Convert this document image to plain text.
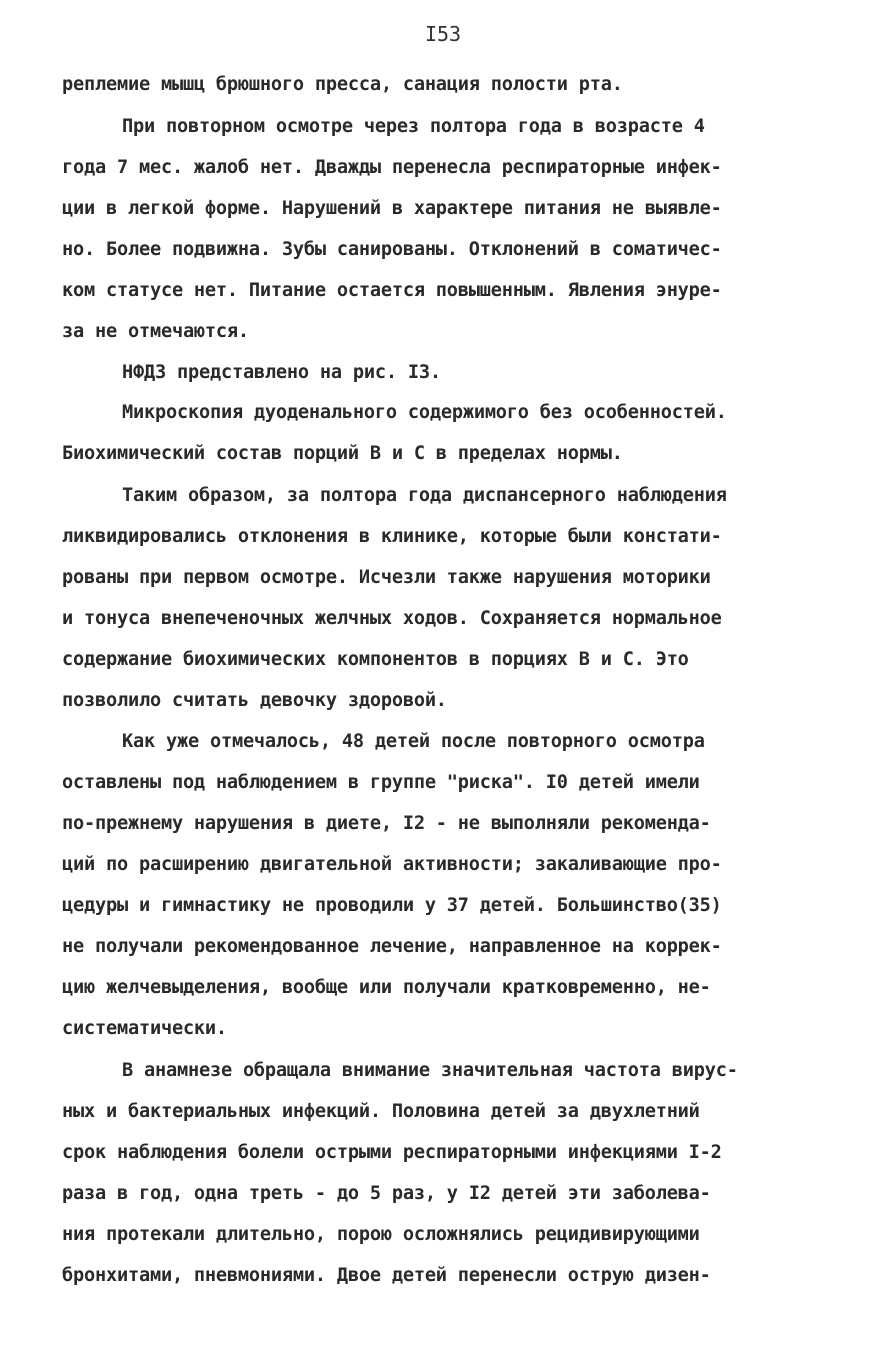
I53
реплемие мышц брюшного пресса, санация полости рта.
При повторном осмотре через полтора года в возрасте 4
года 7 мес. жалоб нет. Дважды перенесла респираторные инфек-
ции в легкой форме. Нарушений в характере питания не выявле-
но. Более подвижна. Зубы санированы. Отклонений в соматичес-
ком статусе нет. Питание остается повышенным. Явления энуре-
за не отмечаются.
НФДЗ представлено на рис. I3.
Микроскопия дуоденального содержимого без особенностей.
Биохимический состав порций В и С в пределах нормы.
Таким образом, за полтора года диспансерного наблюдения
ликвидировались отклонения в клинике, которые были констати-
рованы при первом осмотре. Исчезли также нарушения моторики
и тонуса внепеченочных желчных ходов. Сохраняется нормальное
содержание биохимических компонентов в порциях В и С. Это
позволило считать девочку здоровой.
Как уже отмечалось, 48 детей после повторного осмотра
оставлены под наблюдением в группе "риска". I0 детей имели
по-прежнему нарушения в диете, I2 - не выполняли рекоменда-
ций по расширению двигательной активности; закаливающие про-
цедуры и гимнастику не проводили у 37 детей. Большинство(35)
не получали рекомендованное лечение, направленное на коррек-
цию желчевыделения, вообще или получали кратковременно, не-
систематически.
В анамнезе обращала внимание значительная частота вирус-
ных и бактериальных инфекций. Половина детей за двухлетний
срок наблюдения болели острыми респираторными инфекциями I-2
раза в год, одна треть - до 5 раз, у I2 детей эти заболева-
ния протекали длительно, порою осложнялись рецидивирующими
бронхитами, пневмониями. Двое детей перенесли острую дизен-
